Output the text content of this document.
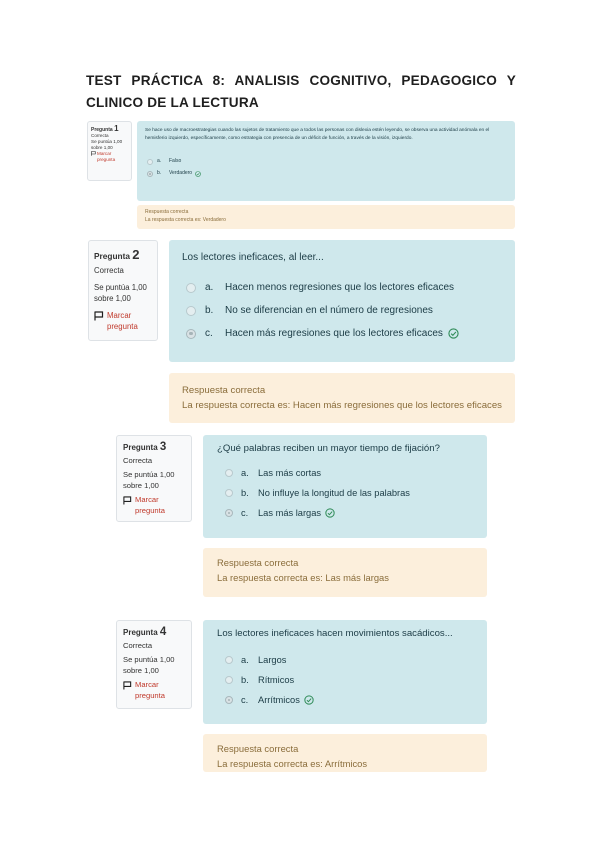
TEST PRÁCTICA 8: ANALISIS COGNITIVO, PEDAGOGICO Y CLINICO DE LA LECTURA
Pregunta 1
Correcta
Se puntúa 1,00 sobre 1,00
Marcar pregunta
Se hace uso de macroestrategias cuando las sujetos de tratamiento que a todos las personas con dislexia estén leyendo, se observa una actividad anómala en el hemisferio izquierdo, específicamente, como estrategia con presencia de un déficit de función, a través de la visión, izquierdo.
a.	Falso
b.	Verdadero
Respuesta correcta
La respuesta correcta es: Verdadero
Pregunta 2
Correcta
Se puntúa 1,00 sobre 1,00
Marcar pregunta
Los lectores ineficaces, al leer...
a.	Hacen menos regresiones que los lectores eficaces
b.	No se diferencian en el número de regresiones
c.	Hacen más regresiones que los lectores eficaces
Respuesta correcta
La respuesta correcta es: Hacen más regresiones que los lectores eficaces
Pregunta 3
Correcta
Se puntúa 1,00 sobre 1,00
Marcar pregunta
¿Qué palabras reciben un mayor tiempo de fijación?
a. Las más cortas
b. No influye la longitud de las palabras
c.	Las más largas
Respuesta correcta
La respuesta correcta es: Las más largas
Pregunta 4
Correcta
Se puntúa 1,00 sobre 1,00
Marcar pregunta
Los lectores ineficaces hacen movimientos sacádicos...
a. Largos
b. Rítmicos
c.	Arrítmicos
Respuesta correcta
La respuesta correcta es: Arrítmicos
